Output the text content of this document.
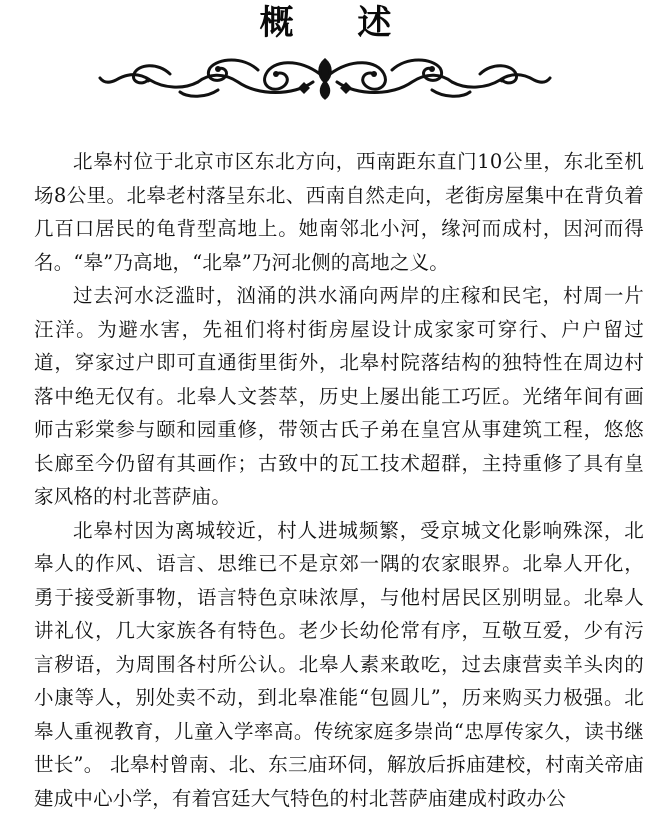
概 述

北皋村位于北京市区东北方向，西南距东直门10公里，东北至机场8公里。北皋老村落呈东北、西南自然走向，老街房屋集中在背负着几百口居民的龟背型高地上。她南邻北小河，缘河而成村，因河而得名。“皋”乃高地，“北皋”乃河北侧的高地之义。

过去河水泛滥时，汹涌的洪水涌向两岸的庄稼和民宅，村周一片汪洋。为避水害，先祖们将村街房屋设计成家家可穿行、户户留过道，穿家过户即可直通街里街外，北皋村院落结构的独特性在周边村落中绝无仅有。北皋人文荟萃，历史上屡出能工巧匠。光绪年间有画师古彩棠参与颐和园重修，带领古氏子弟在皇宫从事建筑工程，悠悠长廊至今仍留有其画作；古致中的瓦工技术超群，主持重修了具有皇家风格的村北菩萨庙。

北皋村因为离城较近，村人进城频繁，受京城文化影响殊深，北皋人的作风、语言、思维已不是京郊一隅的农家眼界。北皋人开化，勇于接受新事物，语言特色京味浓厚，与他村居民区别明显。北皋人讲礼仪，几大家族各有特色。老少长幼伦常有序，互敬互爱，少有污言秽语，为周围各村所公认。北皋人素来敢吃，过去康营卖羊头肉的小康等人，别处卖不动，到北皋准能“包圆儿”，历来购买力极强。北皋人重视教育，儿童入学率高。传统家庭多崇尚“忠厚传家久，读书继世长”。 北皋村曾南、北、东三庙环伺，解放后拆庙建校，村南关帝庙建成中心小学，有着宫廷大气特色的村北菩萨庙建成村政办公
